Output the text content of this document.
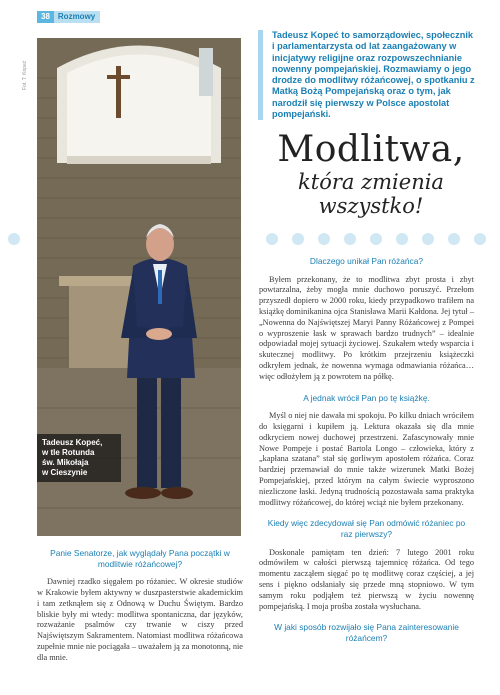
38	Rozmowy
Fot. T. Kopeć
Tadeusz Kopeć,
w tle Rotunda
św. Mikołaja
w Cieszynie

Tadeusz Kopeć to samorządowiec, społecznik i parlamentarzysta od lat zaangażowany w inicjatywy religijne oraz rozpowszechnianie nowenny pompejańskiej. Rozmawiamy o jego drodze do modlitwy różańcowej, o spotkaniu z Matką Bożą Pompejańską oraz o tym, jak narodził się pierwszy w Polsce apostolat pompejański.

Modlitwa,
która zmienia
wszystko!

Dlaczego unikał Pan różańca?

Byłem przekonany, że to modlitwa zbyt prosta i zbyt powtarzalna, żeby mogła mnie duchowo poruszyć. Przełom przyszedł dopiero w 2000 roku, kiedy przypadkowo trafiłem na książkę dominikanina ojca Stanisława Marii Kałdona. Jej tytuł – „Nowenna do Najświętszej Maryi Panny Różańcowej z Pompei o wyproszenie łask w sprawach bardzo trudnych” – idealnie odpowiadał mojej sytuacji życiowej. Szukałem wtedy wsparcia i skutecznej modlitwy. Po krótkim przejrzeniu książeczki odkryłem jednak, że nowenna wymaga odmawiania różańca… więc odłożyłem ją z powrotem na półkę.

A jednak wrócił Pan po tę książkę.

Myśl o niej nie dawała mi spokoju. Po kilku dniach wróciłem do księgarni i kupiłem ją. Lektura okazała się dla mnie odkryciem nowej duchowej przestrzeni. Zafascynowały mnie Nowe Pompeje i postać Bartola Longo – człowieka, który z „kapłana szatana” stał się gorliwym apostołem różańca. Coraz bardziej przemawiał do mnie także wizerunek Matki Bożej Pompejańskiej, przed którym na całym świecie wyproszono niezliczone łaski. Jedyną trudnością pozostawała sama praktyka modlitwy różańcowej, do której wciąż nie byłem przekonany.

Kiedy więc zdecydował się Pan odmówić różaniec po raz pierwszy?

Doskonale pamiętam ten dzień: 7 lutego 2001 roku odmówiłem w całości pierwszą tajemnicę różańca. Od tego momentu zacząłem sięgać po tę modlitwę coraz częściej, a jej sens i piękno odsłaniały się przede mną stopniowo. W tym samym roku podjąłem też pierwszą w życiu nowennę pompejańską. I moja prośba została wysłuchana.

W jaki sposób rozwijało się Pana zainteresowanie różańcem?

Panie Senatorze, jak wyglądały Pana początki w modlitwie różańcowej?

Dawniej rzadko sięgałem po różaniec. W okresie studiów w Krakowie byłem aktywny w duszpasterstwie akademickim i tam zetknąłem się z Odnową w Duchu Świętym. Bardzo bliskie były mi wtedy: modlitwa spontaniczna, dar języków, rozważanie psalmów czy trwanie w ciszy przed Najświętszym Sakramentem. Natomiast modlitwa różańcowa zupełnie mnie nie pociągała – uważałem ją za monotonną, nie dla mnie.
